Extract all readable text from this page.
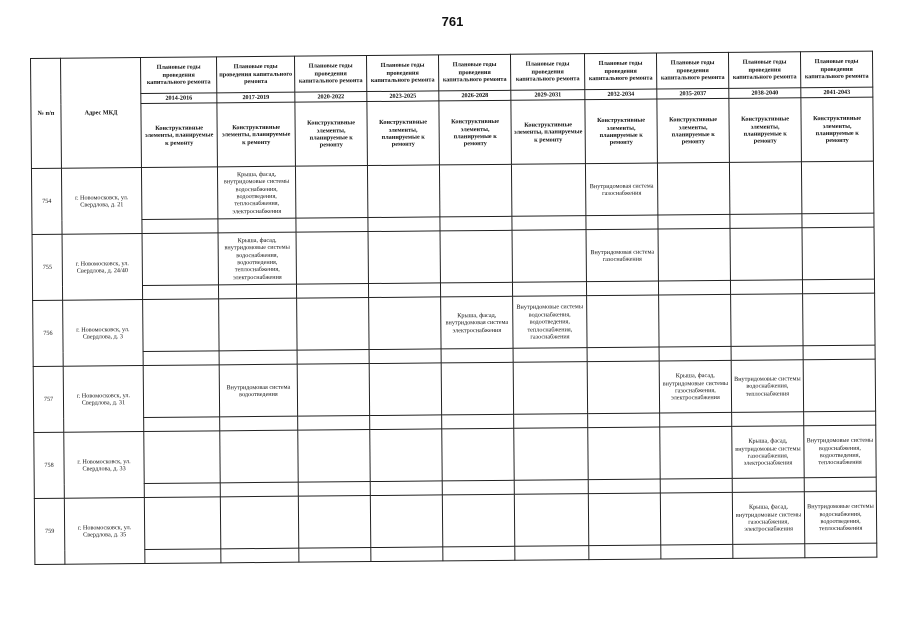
761
№ п/п	Адрес МКД	Плановые годы проведения капитального ремонта	Плановые годы проведения капитального ремонта	Плановые годы проведения капитального ремонта	Плановые годы проведения капитального ремонта	Плановые годы проведения капитального ремонта	Плановые годы проведения капитального ремонта	Плановые годы проведения капитального ремонта	Плановые годы проведения капитального ремонта	Плановые годы проведения капитального ремонта	Плановые годы проведения капитального ремонта
		2014-2016	2017-2019	2020-2022	2023-2025	2026-2028	2029-2031	2032-2034	2035-2037	2038-2040	2041-2043
		Конструктивные элементы, планируемые к ремонту	Конструктивные элементы, планируемые к ремонту	Конструктивные элементы, планируемые к ремонту	Конструктивные элементы, планируемые к ремонту	Конструктивные элементы, планируемые к ремонту	Конструктивные элементы, планируемые к ремонту	Конструктивные элементы, планируемые к ремонту	Конструктивные элементы, планируемые к ремонту	Конструктивные элементы, планируемые к ремонту	Конструктивные элементы, планируемые к ремонту
754	г. Новомосковск, ул. Свердлова, д. 21		Крыша, фасад, внутридомовые системы водоснабжения, водоотведения, теплоснабжения, электроснабжения					Внутридомовая система газоснабжения			

755	г. Новомосковск, ул. Свердлова, д. 24/40		Крыша, фасад, внутридомовые системы водоснабжения, водоотведения, теплоснабжения, электроснабжения					Внутридомовая система газоснабжения			

756	г. Новомосковск, ул. Свердлова, д. 3					Крыша, фасад, внутридомовая система электроснабжения	Внутридомовые системы водоснабжения, водоотведения, теплоснабжения, газоснабжения				

757	г. Новомосковск, ул. Свердлова, д. 31		Внутридомовая система водоотведения						Крыша, фасад, внутридомовые системы газоснабжения, электроснабжения	Внутридомовые системы водоснабжения, теплоснабжения	

758	г. Новомосковск, ул. Свердлова, д. 33									Крыша, фасад, внутридомовые системы газоснабжения, электроснабжения	Внутридомовые системы водоснабжения, водоотведения, теплоснабжения

759	г. Новомосковск, ул. Свердлова, д. 35									Крыша, фасад, внутридомовые системы газоснабжения, электроснабжения	Внутридомовые системы водоснабжения, водоотведения, теплоснабжения
